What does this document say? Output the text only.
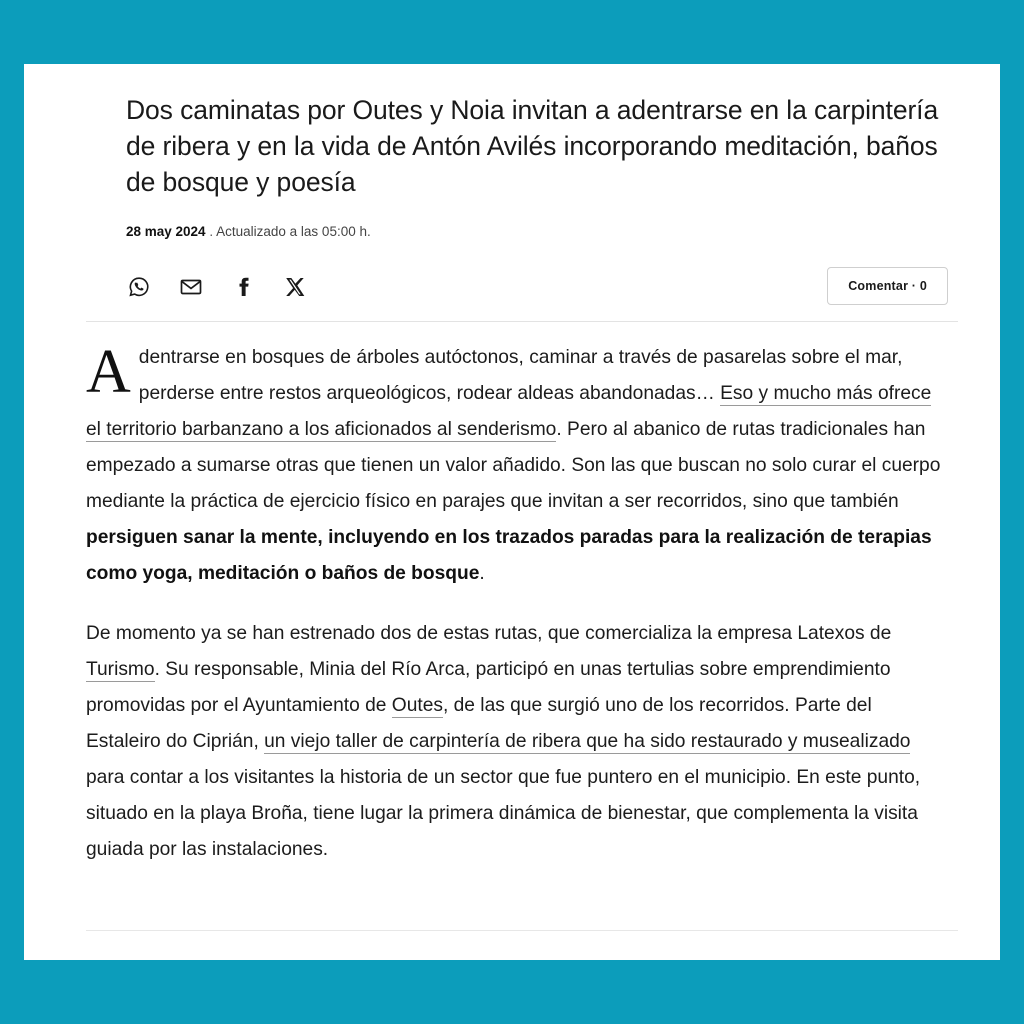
Dos caminatas por Outes y Noia invitan a adentrarse en la carpintería de ribera y en la vida de Antón Avilés incorporando meditación, baños de bosque y poesía
28 may 2024 . Actualizado a las 05:00 h.
Comentar · 0

Adentrarse en bosques de árboles autóctonos, caminar a través de pasarelas sobre el mar, perderse entre restos arqueológicos, rodear aldeas abandonadas… Eso y mucho más ofrece el territorio barbanzano a los aficionados al senderismo. Pero al abanico de rutas tradicionales han empezado a sumarse otras que tienen un valor añadido. Son las que buscan no solo curar el cuerpo mediante la práctica de ejercicio físico en parajes que invitan a ser recorridos, sino que también persiguen sanar la mente, incluyendo en los trazados paradas para la realización de terapias como yoga, meditación o baños de bosque.

De momento ya se han estrenado dos de estas rutas, que comercializa la empresa Latexos de Turismo. Su responsable, Minia del Río Arca, participó en unas tertulias sobre emprendimiento promovidas por el Ayuntamiento de Outes, de las que surgió uno de los recorridos. Parte del Estaleiro do Ciprián, un viejo taller de carpintería de ribera que ha sido restaurado y musealizado para contar a los visitantes la historia de un sector que fue puntero en el municipio. En este punto, situado en la playa Broña, tiene lugar la primera dinámica de bienestar, que complementa la visita guiada por las instalaciones.
